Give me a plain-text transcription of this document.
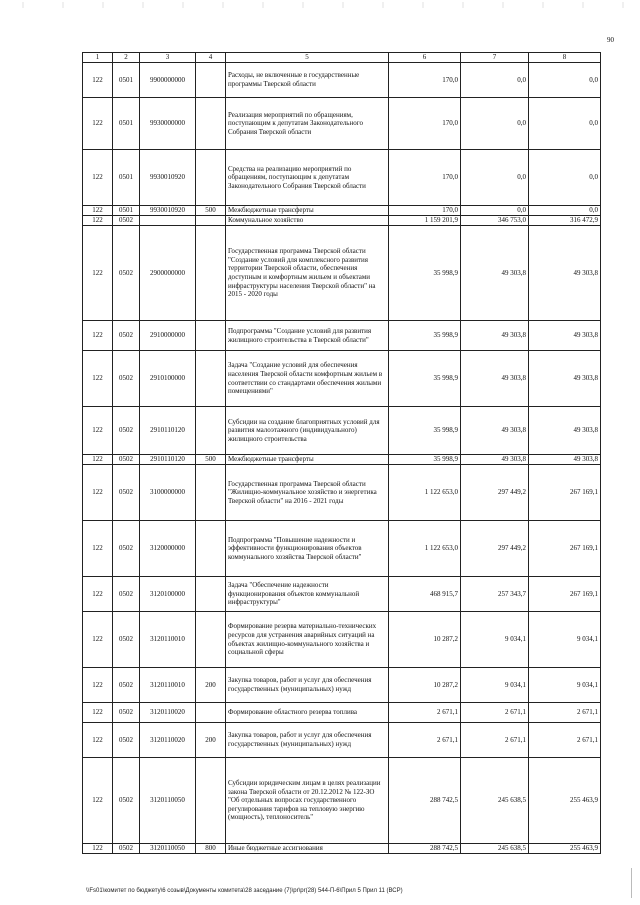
90
1	2	3	4	5	6	7	8
122	0501	9900000000		Расходы, не включенные в государственные программы Тверской области	170,0	0,0	0,0
122	0501	9930000000		Реализация мероприятий по обращениям, поступающим к депутатам Законодательного Собрания Тверской области	170,0	0,0	0,0
122	0501	9930010920		Средства на реализацию мероприятий по обращениям, поступающим к депутатам Законодательного Собрания Тверской области	170,0	0,0	0,0
122	0501	9930010920	500	Межбюджетные трансферты	170,0	0,0	0,0
122	0502			Коммунальное хозяйство	1 159 201,9	346 753,0	316 472,9
122	0502	2900000000		Государственная программа Тверской области "Создание условий для комплексного развития территории Тверской области, обеспечения доступным и комфортным жильем и объектами инфраструктуры населения Тверской области" на 2015 - 2020 годы	35 998,9	49 303,8	49 303,8
122	0502	2910000000		Подпрограмма "Создание условий для развития жилищного строительства в Тверской области"	35 998,9	49 303,8	49 303,8
122	0502	2910100000		Задача "Создание условий для обеспечения населения Тверской области комфортным жильем в соответствии со стандартами обеспечения жилыми помещениями"	35 998,9	49 303,8	49 303,8
122	0502	2910110120		Субсидии на создание благоприятных условий для развития малоэтажного (индивидуального) жилищного строительства	35 998,9	49 303,8	49 303,8
122	0502	2910110120	500	Межбюджетные трансферты	35 998,9	49 303,8	49 303,8
122	0502	3100000000		Государственная программа Тверской области "Жилищно-коммунальное хозяйство и энергетика Тверской области" на 2016 - 2021 годы	1 122 653,0	297 449,2	267 169,1
122	0502	3120000000		Подпрограмма "Повышение надежности и эффективности функционирования объектов коммунального хозяйства Тверской области"	1 122 653,0	297 449,2	267 169,1
122	0502	3120100000		Задача "Обеспечение надежности функционирования объектов коммунальной инфраструктуры"	468 915,7	257 343,7	267 169,1
122	0502	3120110010		Формирование резерва материально-технических ресурсов для устранения аварийных ситуаций на объектах жилищно-коммунального хозяйства и социальной сферы	10 287,2	9 034,1	9 034,1
122	0502	3120110010	200	Закупка товаров, работ и услуг для обеспечения государственных (муниципальных) нужд	10 287,2	9 034,1	9 034,1
122	0502	3120110020		Формирование областного резерва топлива	2 671,1	2 671,1	2 671,1
122	0502	3120110020	200	Закупка товаров, работ и услуг для обеспечения государственных (муниципальных) нужд	2 671,1	2 671,1	2 671,1
122	0502	3120110050		Субсидии юридическим лицам в целях реализации закона Тверской области от 20.12.2012 № 122-ЗО "Об отдельных вопросах государственного регулирования тарифов на тепловую энергию (мощность), теплоноситель"	288 742,5	245 638,5	255 463,9
122	0502	3120110050	800	Иные бюджетные ассигнования	288 742,5	245 638,5	255 463,9
\\Fs01\комитет по бюджету\6 созыв\Документы комитета\28 заседание (7)\pr\pr(28) 544-П-6\Прил 5 Прил 11 (ВСР)
